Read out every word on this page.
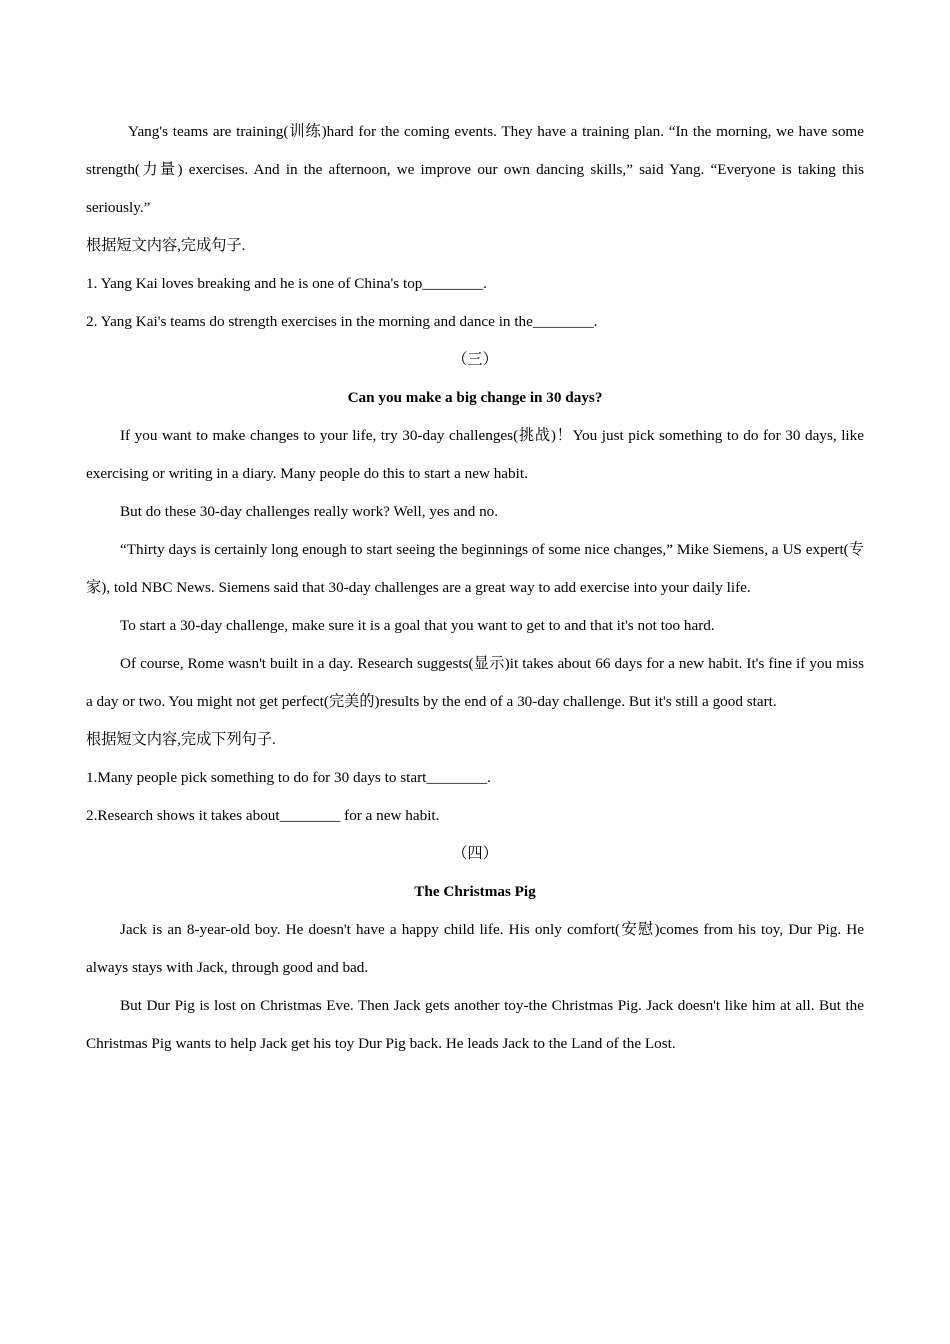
Yang's teams are training(训练)hard for the coming events. They have a training plan. “In the morning, we have some strength(力量) exercises. And in the afternoon, we improve our own dancing skills,” said Yang. “Everyone is taking this seriously.”

根据短文内容,完成句子.

1. Yang Kai loves breaking and he is one of China's top________.

2. Yang Kai's teams do strength exercises in the morning and dance in the________.

（三）

Can you make a big change in 30 days?

If you want to make changes to your life, try 30-day challenges(挑战)！You just pick something to do for 30 days, like exercising or writing in a diary. Many people do this to start a new habit.

But do these 30-day challenges really work? Well, yes and no.

“Thirty days is certainly long enough to start seeing the beginnings of some nice changes,” Mike Siemens, a US expert(专家), told NBC News. Siemens said that 30-day challenges are a great way to add exercise into your daily life.

To start a 30-day challenge, make sure it is a goal that you want to get to and that it's not too hard.

Of course, Rome wasn't built in a day. Research suggests(显示)it takes about 66 days for a new habit. It's fine if you miss a day or two. You might not get perfect(完美的)results by the end of a 30-day challenge. But it's still a good start.

根据短文内容,完成下列句子.

1.Many people pick something to do for 30 days to start________.

2.Research shows it takes about________ for a new habit.

（四）

The Christmas Pig

Jack is an 8-year-old boy. He doesn't have a happy child life. His only comfort(安慰)comes from his toy, Dur Pig. He always stays with Jack, through good and bad.

But Dur Pig is lost on Christmas Eve. Then Jack gets another toy-the Christmas Pig. Jack doesn't like him at all. But the Christmas Pig wants to help Jack get his toy Dur Pig back. He leads Jack to the Land of the Lost.
